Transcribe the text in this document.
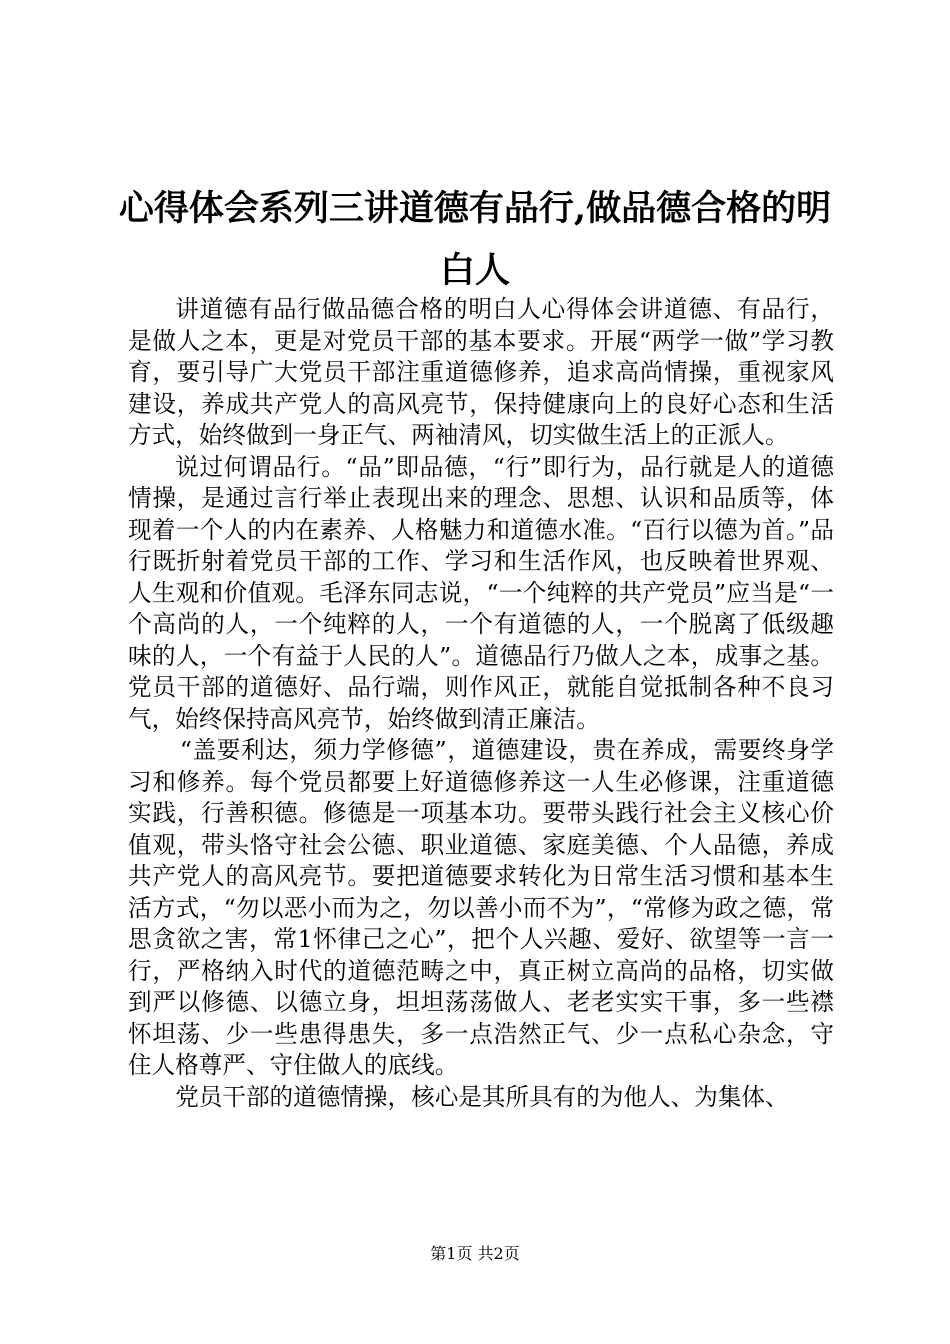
心得体会系列三讲道德有品行,做品德合格的明白人

讲道德有品行做品德合格的明白人心得体会讲道德、有品行，是做人之本，更是对党员干部的基本要求。开展“两学一做”学习教育，要引导广大党员干部注重道德修养，追求高尚情操，重视家风建设，养成共产党人的高风亮节，保持健康向上的良好心态和生活方式，始终做到一身正气、两袖清风，切实做生活上的正派人。

说过何谓品行。“品”即品德，“行”即行为，品行就是人的道德情操，是通过言行举止表现出来的理念、思想、认识和品质等，体现着一个人的内在素养、人格魅力和道德水准。“百行以德为首。”品行既折射着党员干部的工作、学习和生活作风，也反映着世界观、人生观和价值观。毛泽东同志说，“一个纯粹的共产党员”应当是“一个高尚的人，一个纯粹的人，一个有道德的人，一个脱离了低级趣味的人，一个有益于人民的人”。道德品行乃做人之本，成事之基。党员干部的道德好、品行端，则作风正，就能自觉抵制各种不良习气，始终保持高风亮节，始终做到清正廉洁。

“盖要利达，须力学修德”，道德建设，贵在养成，需要终身学习和修养。每个党员都要上好道德修养这一人生必修课，注重道德实践，行善积德。修德是一项基本功。要带头践行社会主义核心价值观，带头恪守社会公德、职业道德、家庭美德、个人品德，养成共产党人的高风亮节。要把道德要求转化为日常生活习惯和基本生活方式，“勿以恶小而为之，勿以善小而不为”，“常修为政之德，常思贪欲之害，常1怀律己之心”，把个人兴趣、爱好、欲望等一言一行，严格纳入时代的道德范畴之中，真正树立高尚的品格，切实做到严以修德、以德立身，坦坦荡荡做人、老老实实干事，多一些襟怀坦荡、少一些患得患失，多一点浩然正气、少一点私心杂念，守住人格尊严、守住做人的底线。

党员干部的道德情操，核心是其所具有的为他人、为集体、

第1页 共2页
